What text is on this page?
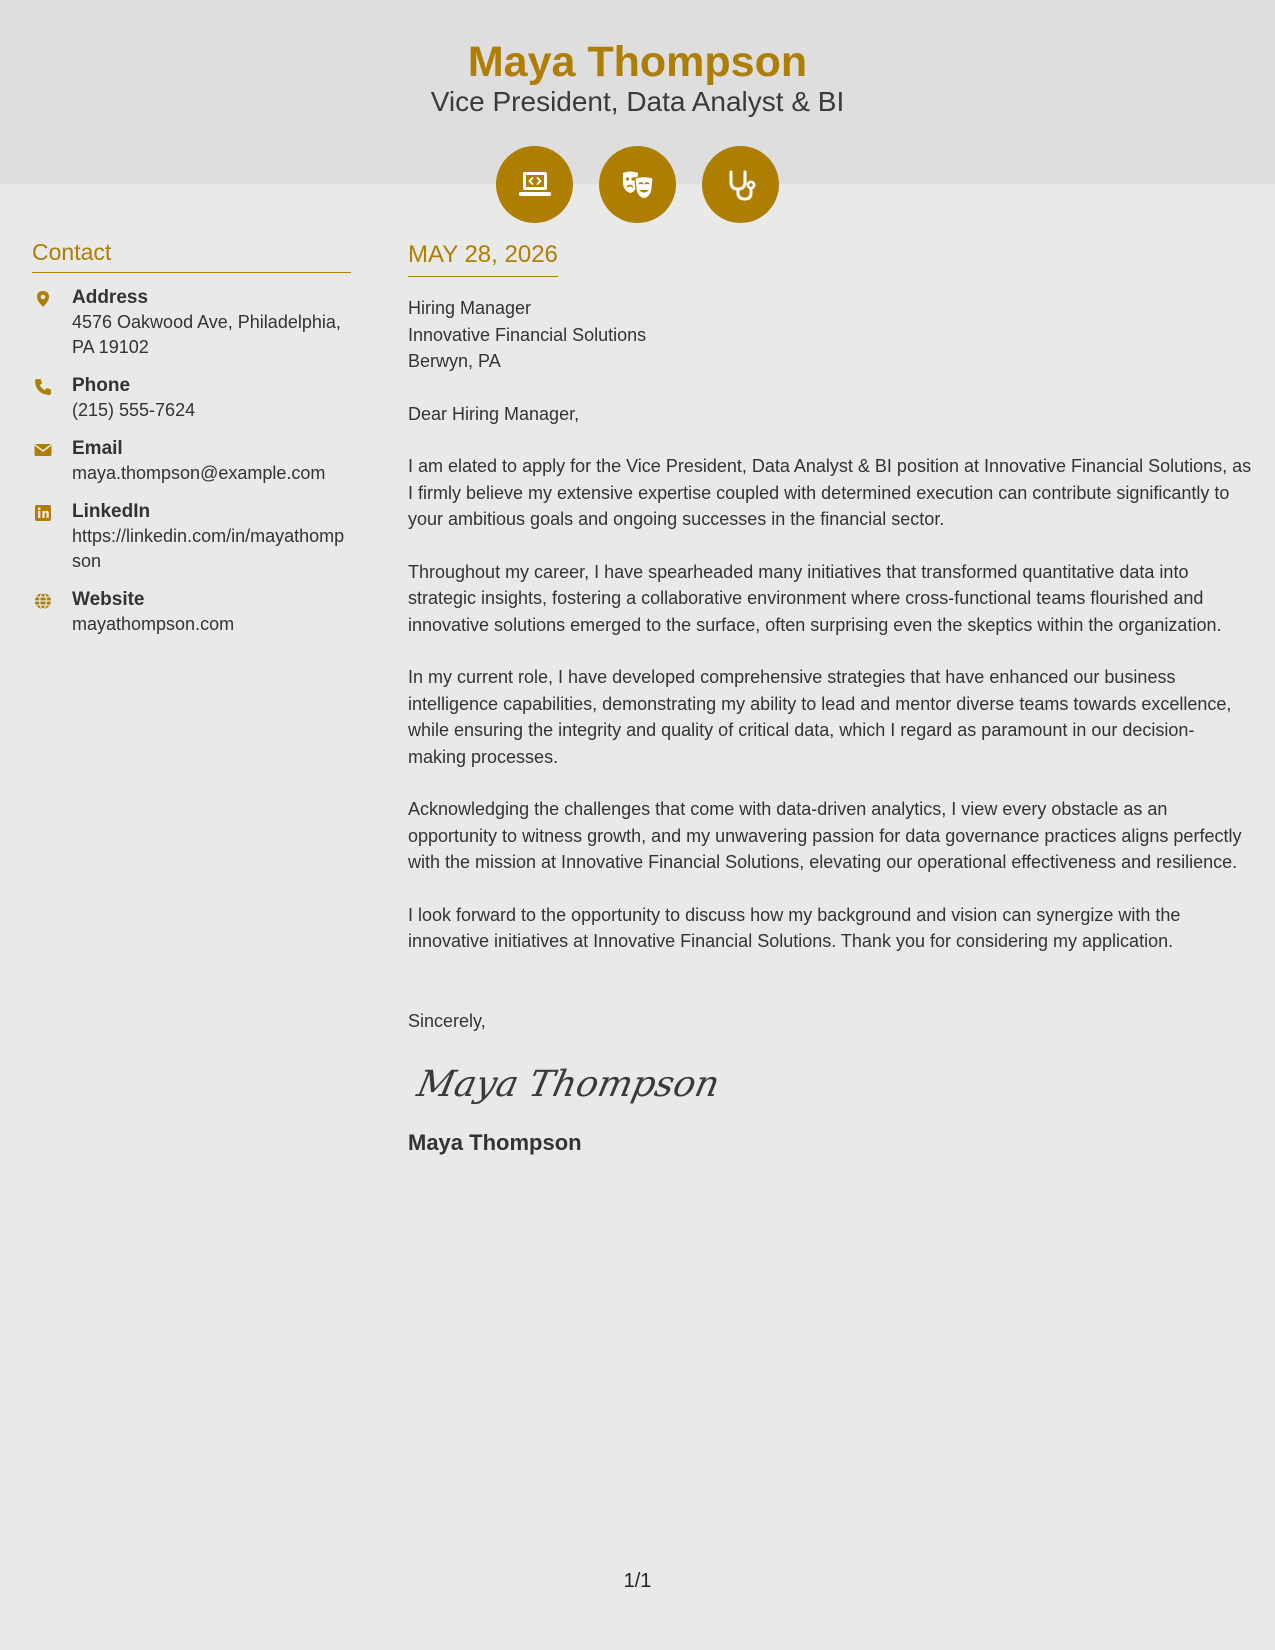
Maya Thompson
Vice President, Data Analyst & BI
Contact
Address
4576 Oakwood Ave, Philadelphia, PA 19102
Phone
(215) 555-7624
Email
maya.thompson@example.com
LinkedIn
https://linkedin.com/in/mayathompson
Website
mayathompson.com
MAY 28, 2026
Hiring Manager
Innovative Financial Solutions
Berwyn, PA
Dear Hiring Manager,
I am elated to apply for the Vice President, Data Analyst & BI position at Innovative Financial Solutions, as I firmly believe my extensive expertise coupled with determined execution can contribute significantly to your ambitious goals and ongoing successes in the financial sector.
Throughout my career, I have spearheaded many initiatives that transformed quantitative data into strategic insights, fostering a collaborative environment where cross-functional teams flourished and innovative solutions emerged to the surface, often surprising even the skeptics within the organization.
In my current role, I have developed comprehensive strategies that have enhanced our business intelligence capabilities, demonstrating my ability to lead and mentor diverse teams towards excellence, while ensuring the integrity and quality of critical data, which I regard as paramount in our decision-making processes.
Acknowledging the challenges that come with data-driven analytics, I view every obstacle as an opportunity to witness growth, and my unwavering passion for data governance practices aligns perfectly with the mission at Innovative Financial Solutions, elevating our operational effectiveness and resilience.
I look forward to the opportunity to discuss how my background and vision can synergize with the innovative initiatives at Innovative Financial Solutions. Thank you for considering my application.
Sincerely,
Maya Thompson
Maya Thompson
1/1
